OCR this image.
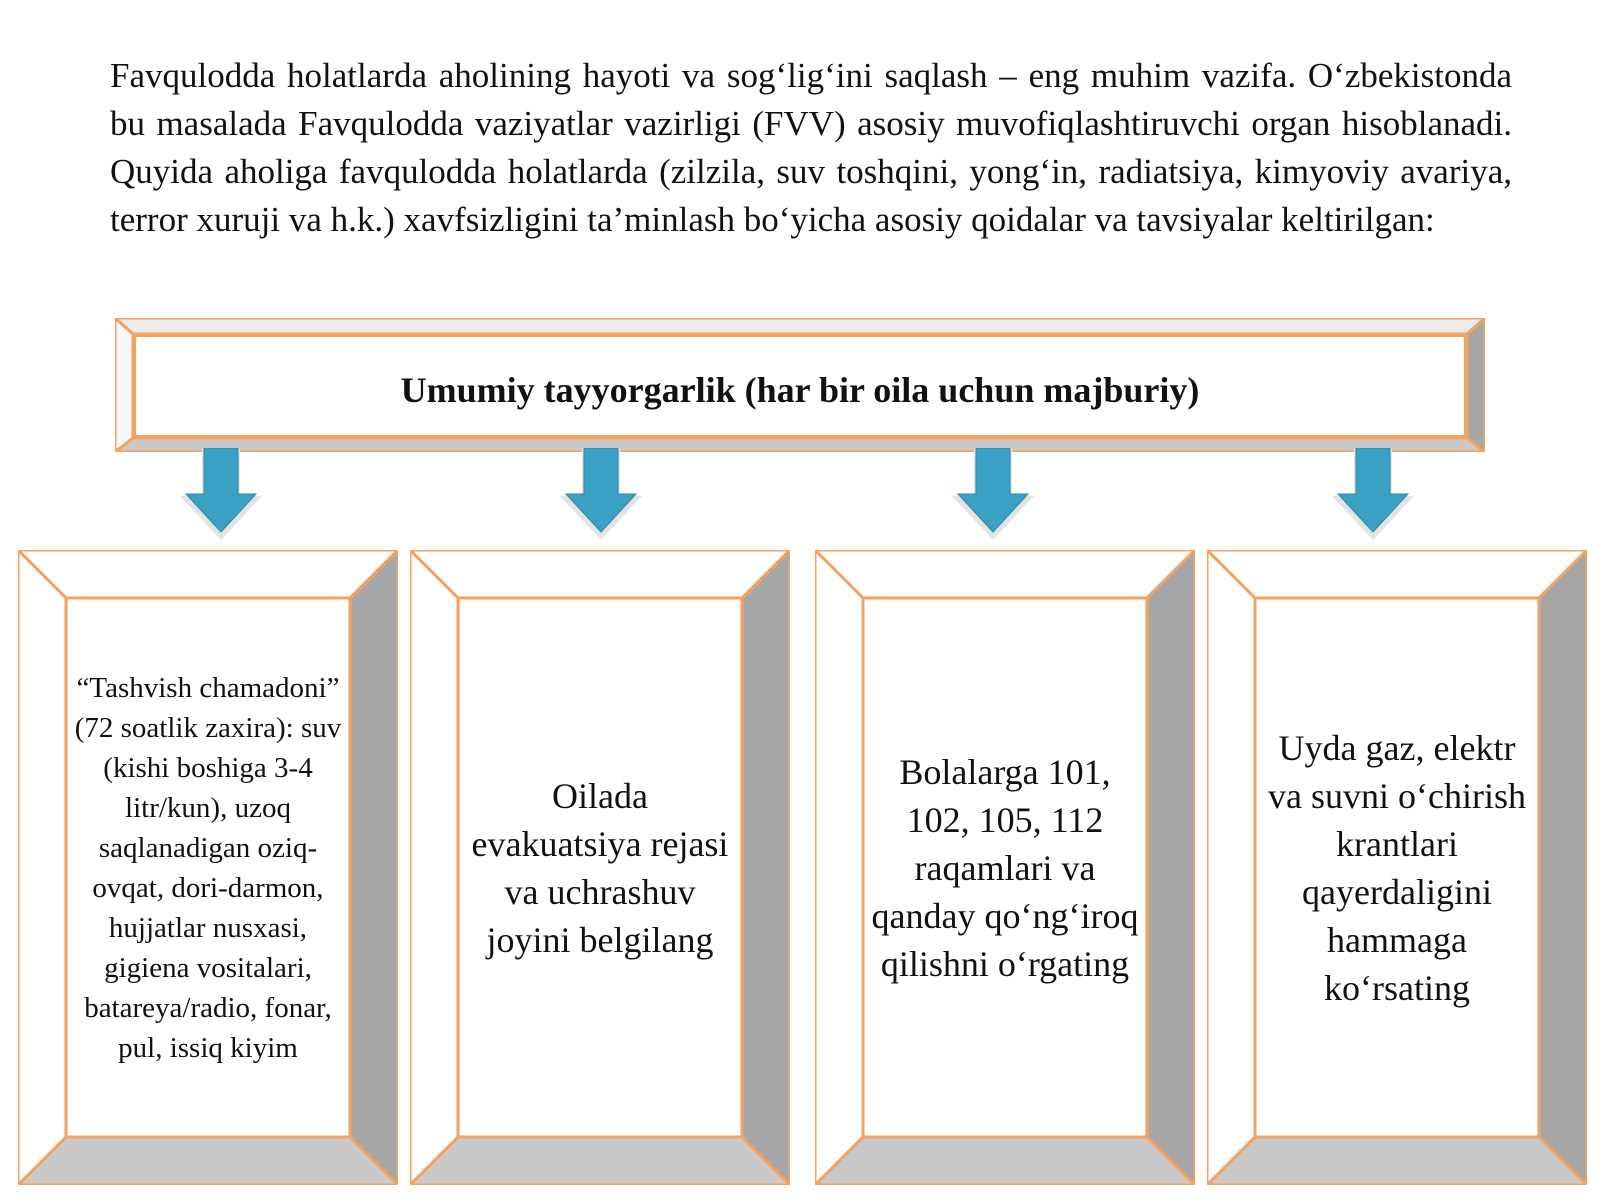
Favqulodda holatlarda aholining hayoti va sog‘lig‘ini saqlash – eng muhim vazifa. O‘zbekistonda bu masalada Favqulodda vaziyatlar vazirligi (FVV) asosiy muvofiqlashtiruvchi organ hisoblanadi. Quyida aholiga favqulodda holatlarda (zilzila, suv toshqini, yong‘in, radiatsiya, kimyoviy avariya, terror xuruji va h.k.) xavfsizligini ta’minlash bo‘yicha asosiy qoidalar va tavsiyalar keltirilgan:

Umumiy tayyorgarlik (har bir oila uchun majburiy)

“Tashvish chamadoni” (72 soatlik zaxira): suv (kishi boshiga 3-4 litr/kun), uzoq saqlanadigan oziq-ovqat, dori-darmon, hujjatlar nusxasi, gigiena vositalari, batareya/radio, fonar, pul, issiq kiyim

Oilada evakuatsiya rejasi va uchrashuv joyini belgilang

Bolalarga 101, 102, 105, 112 raqamlari va qanday qo‘ng‘iroq qilishni o‘rgating

Uyda gaz, elektr va suvni o‘chirish krantlari qayerdaligini hammaga ko‘rsating
